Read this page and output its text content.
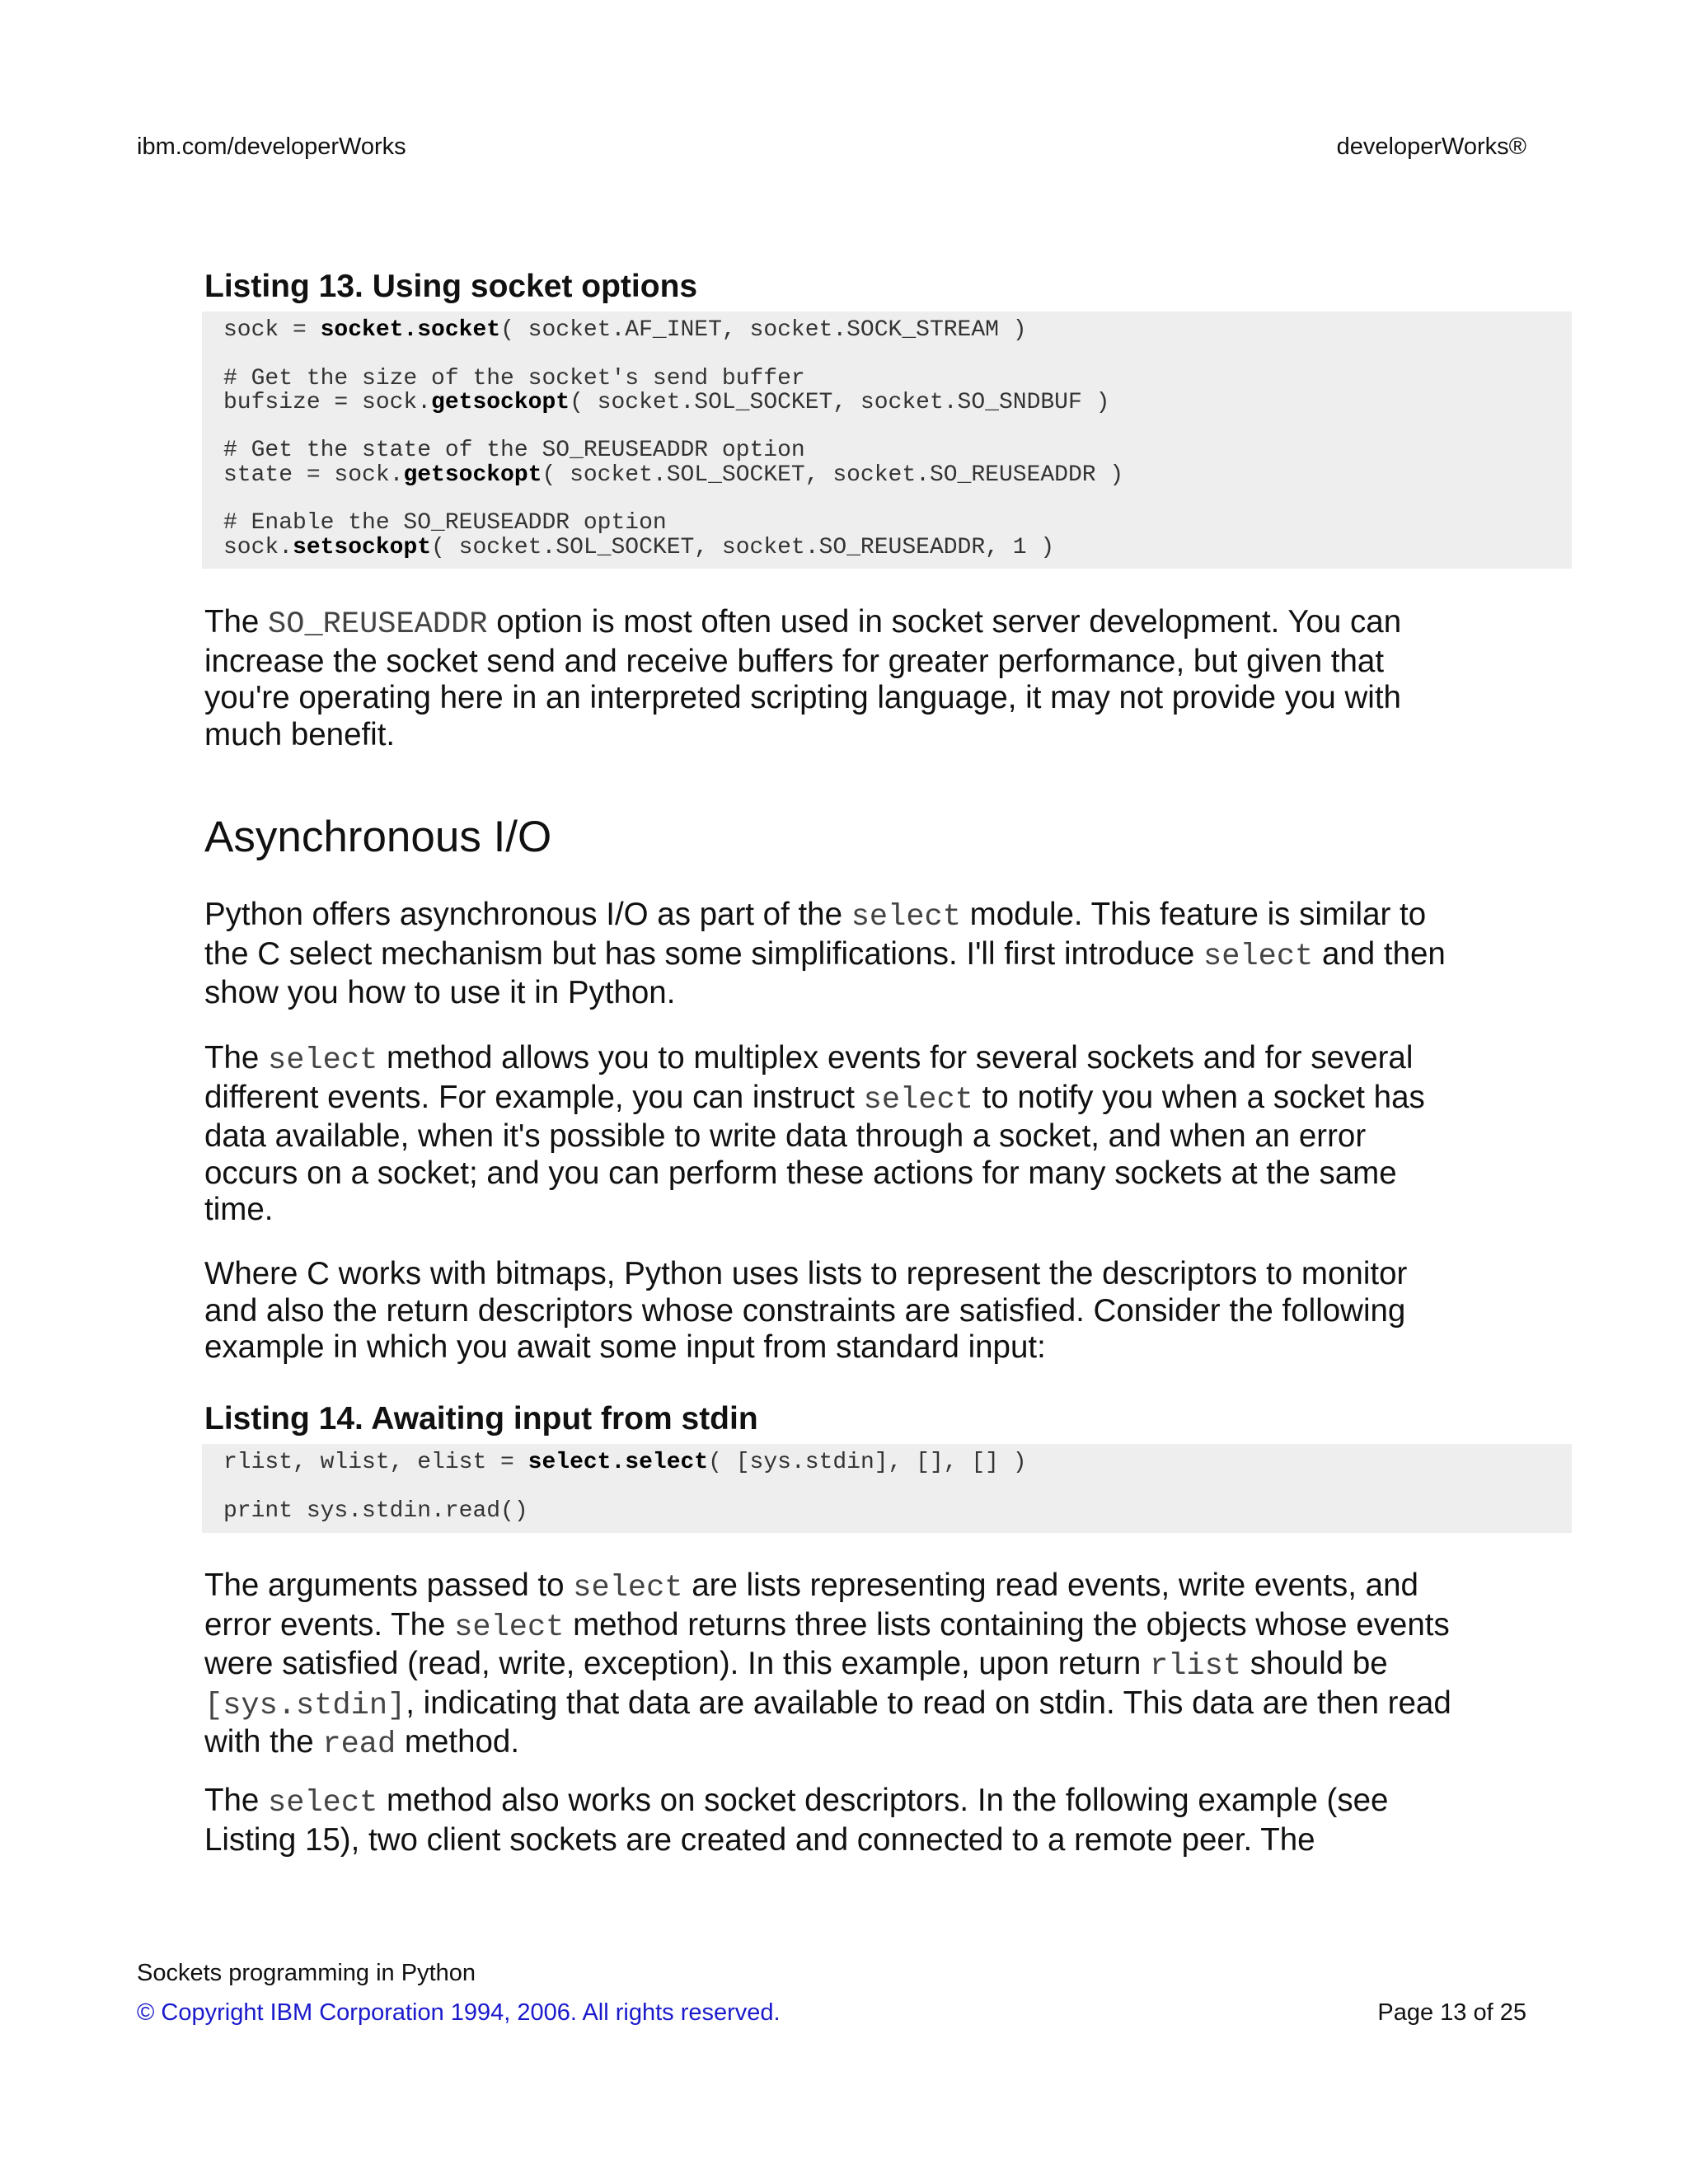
ibm.com/developerWorks	developerWorks®
Listing 13. Using socket options
sock = socket.socket( socket.AF_INET, socket.SOCK_STREAM )
# Get the size of the socket's send buffer
bufsize = sock.getsockopt( socket.SOL_SOCKET, socket.SO_SNDBUF )
# Get the state of the SO_REUSEADDR option
state = sock.getsockopt( socket.SOL_SOCKET, socket.SO_REUSEADDR )
# Enable the SO_REUSEADDR option
sock.setsockopt( socket.SOL_SOCKET, socket.SO_REUSEADDR, 1 )

The SO_REUSEADDR option is most often used in socket server development. You can increase the socket send and receive buffers for greater performance, but given that you're operating here in an interpreted scripting language, it may not provide you with much benefit.

Asynchronous I/O

Python offers asynchronous I/O as part of the select module. This feature is similar to the C select mechanism but has some simplifications. I'll first introduce select and then show you how to use it in Python.

The select method allows you to multiplex events for several sockets and for several different events. For example, you can instruct select to notify you when a socket has data available, when it's possible to write data through a socket, and when an error occurs on a socket; and you can perform these actions for many sockets at the same time.

Where C works with bitmaps, Python uses lists to represent the descriptors to monitor and also the return descriptors whose constraints are satisfied. Consider the following example in which you await some input from standard input:

Listing 14. Awaiting input from stdin
rlist, wlist, elist = select.select( [sys.stdin], [], [] )
print sys.stdin.read()

The arguments passed to select are lists representing read events, write events, and error events. The select method returns three lists containing the objects whose events were satisfied (read, write, exception). In this example, upon return rlist should be [sys.stdin], indicating that data are available to read on stdin. This data are then read with the read method.

The select method also works on socket descriptors. In the following example (see Listing 15), two client sockets are created and connected to a remote peer. The

Sockets programming in Python
© Copyright IBM Corporation 1994, 2006. All rights reserved.	Page 13 of 25
